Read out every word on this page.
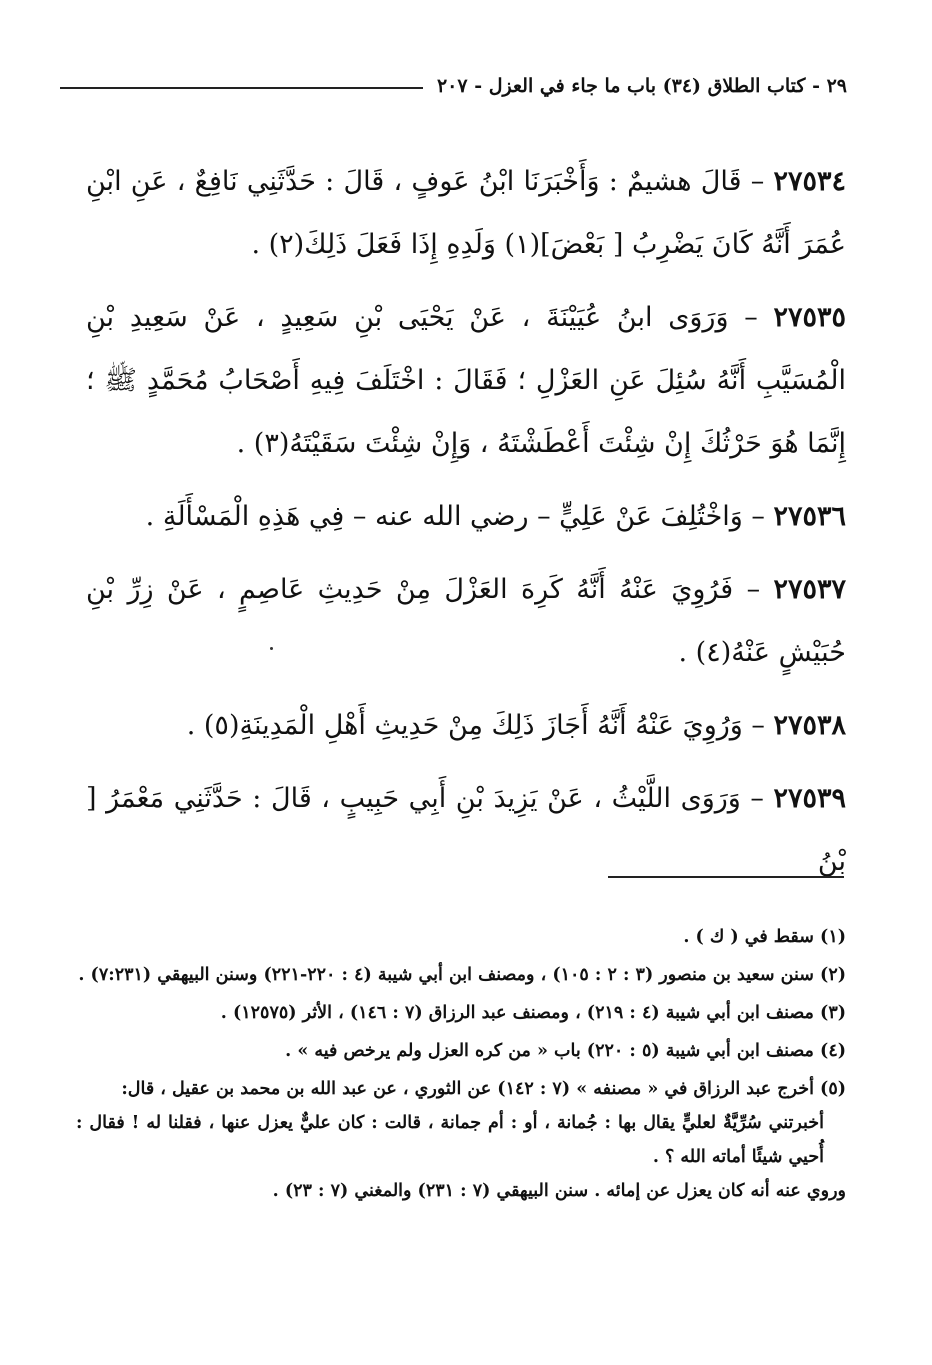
٢٩ - كتاب الطلاق (٣٤) باب ما جاء في العزل - ٢٠٧

٢٧٥٣٤ – قَالَ هشيمٌ : وَأَخْبَرَنَا ابْنُ عَوفٍ ، قَالَ : حَدَّثَنِي نَافِعٌ ، عَنِ ابْنِ عُمَرَ أَنَّهُ كَانَ يَضْرِبُ [ بَعْضَ](١) وَلَدِهِ إِذَا فَعَلَ ذَلِكَ(٢) .

٢٧٥٣٥ – وَرَوَى ابنُ عُيَيْنَةَ ، عَنْ يَحْيَى بْنِ سَعِيدٍ ، عَنْ سَعِيدِ بْنِ الْمُسَيَّبِ أَنَّهُ سُئِلَ عَنِ العَزْلِ ؛ فَقَالَ : اخْتَلَفَ فِيهِ أَصْحَابُ مُحَمَّدٍ ﷺ ؛ إِنَّمَا هُوَ حَرْثُكَ إِنْ شِئْتَ أَعْطَشْتَهُ ، وَإِنْ شِئْتَ سَقَيْتَهُ(٣) .

٢٧٥٣٦ – وَاخْتُلِفَ عَنْ عَلِيٍّ – رضي الله عنه – فِي هَذِهِ الْمَسْأَلَةِ .

٢٧٥٣٧ – فَرُوِيَ عَنْهُ أَنَّهُ كَرِهَ العَزْلَ مِنْ حَدِيثِ عَاصِمٍ ، عَنْ زِرِّ بْنِ حُبَيْشٍ عَنْهُ(٤) .

٢٧٥٣٨ – وَرُوِيَ عَنْهُ أَنَّهُ أَجَازَ ذَلِكَ مِنْ حَدِيثِ أَهْلِ الْمَدِينَةِ(٥) .

٢٧٥٣٩ – وَرَوَى اللَّيْثُ ، عَنْ يَزِيدَ بْنِ أَبِي حَبِيبٍ ، قَالَ : حَدَّثَنِي مَعْمَرُ [ بْنُ

(١) سقط في ( ك ) .

(٢) سنن سعيد بن منصور (٣ : ٢ : ١٠٥) ، ومصنف ابن أبي شيبة (٤ : ٢٢٠-٢٢١) وسنن البيهقي (٧:٢٣١) .

(٣) مصنف ابن أبي شيبة (٤ : ٢١٩) ، ومصنف عبد الرزاق (٧ : ١٤٦) ، الأثر (١٢٥٧٥) .

(٤) مصنف ابن أبي شيبة (٥ : ٢٢٠) باب « من كره العزل ولم يرخص فيه » .

(٥) أخرج عبد الرزاق في « مصنفه » (٧ : ١٤٢) عن الثوري ، عن عبد الله بن محمد بن عقيل ، قال:
أخبرتني سُرِّيَّةٌ لعليٍّ يقال بها : جُمانة ، أو : أم جمانة ، قالت : كان عليٌّ يعزل عنها ، فقلنا له ! فقال : أُحيي شيئًا أماته الله ؟ .
وروي عنه أنه كان يعزل عن إمائه . سنن البيهقي (٧ : ٢٣١) والمغني (٧ : ٢٣) .
